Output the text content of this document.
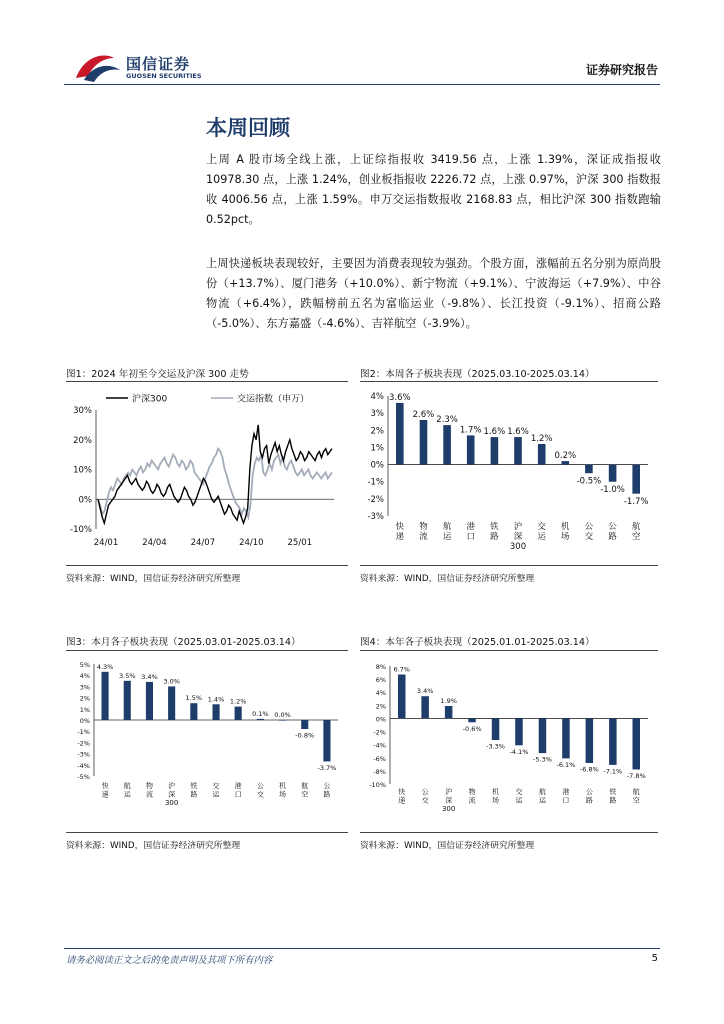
国信证券
GUOSEN SECURITIES	证券研究报告
本周回顾
上周 A 股市场全线上涨，上证综指报收 3419.56 点，上涨 1.39%，深证成指报收 10978.30 点，上涨 1.24%，创业板指报收 2226.72 点，上涨 0.97%，沪深 300 指数报收 4006.56 点，上涨 1.59%。申万交运指数报收 2168.83 点，相比沪深 300 指数跑输 0.52pct。
上周快递板块表现较好，主要因为消费表现较为强劲。个股方面，涨幅前五名分别为原尚股份（+13.7%）、厦门港务（+10.0%）、新宁物流（+9.1%）、宁波海运（+7.9%）、中谷物流（+6.4%），跌幅榜前五名为富临运业（-9.8%）、长江投资（-9.1%）、招商公路（-5.0%）、东方嘉盛（-4.6%）、吉祥航空（-3.9%）。
图1：2024 年初至今交运及沪深 300 走势
沪深300	交运指数（申万）
30%
20%
10%
0%
-10%
24/01	24/04	24/07	24/10	25/01
资料来源：WIND，国信证券经济研究所整理
图2：本周各子板块表现（2025.03.10-2025.03.14）
4%
3%
2%
1%
0%
-1%
-2%
-3%
3.6%
快递
2.6%
物流
2.3%
航运
1.7%
港口
1.6%
铁路
1.6%
沪深 300
1.2%
交运
0.2%
机场
-0.5%
公交
-1.0%
公路
-1.7%
航空
资料来源：WIND，国信证券经济研究所整理
图3：本月各子板块表现（2025.03.01-2025.03.14）
5%
4%
3%
2%
1%
0%
-1%
-2%
-3%
-4%
-5%
4.3%
快递
3.5%
航运
3.4%
物流
3.0%
沪深 300
1.5%
铁路
1.4%
交运
1.2%
港口
0.1%
公交
0.0%
机场
-0.8%
航空
-3.7%
公路
资料来源：WIND，国信证券经济研究所整理
图4：本年各子板块表现（2025.01.01-2025.03.14）
8%
6%
4%
2%
0%
-2%
-4%
-6%
-8%
-10%
6.7%
快递
3.4%
公交
1.9%
沪深 300
-0.6%
物流
-3.3%
机场
-4.1%
交运
-5.3%
航运
-6.1%
港口
-6.8%
公路
-7.1%
铁路
-7.8%
航空
资料来源：WIND，国信证券经济研究所整理
请务必阅读正文之后的免责声明及其项下所有内容	5
